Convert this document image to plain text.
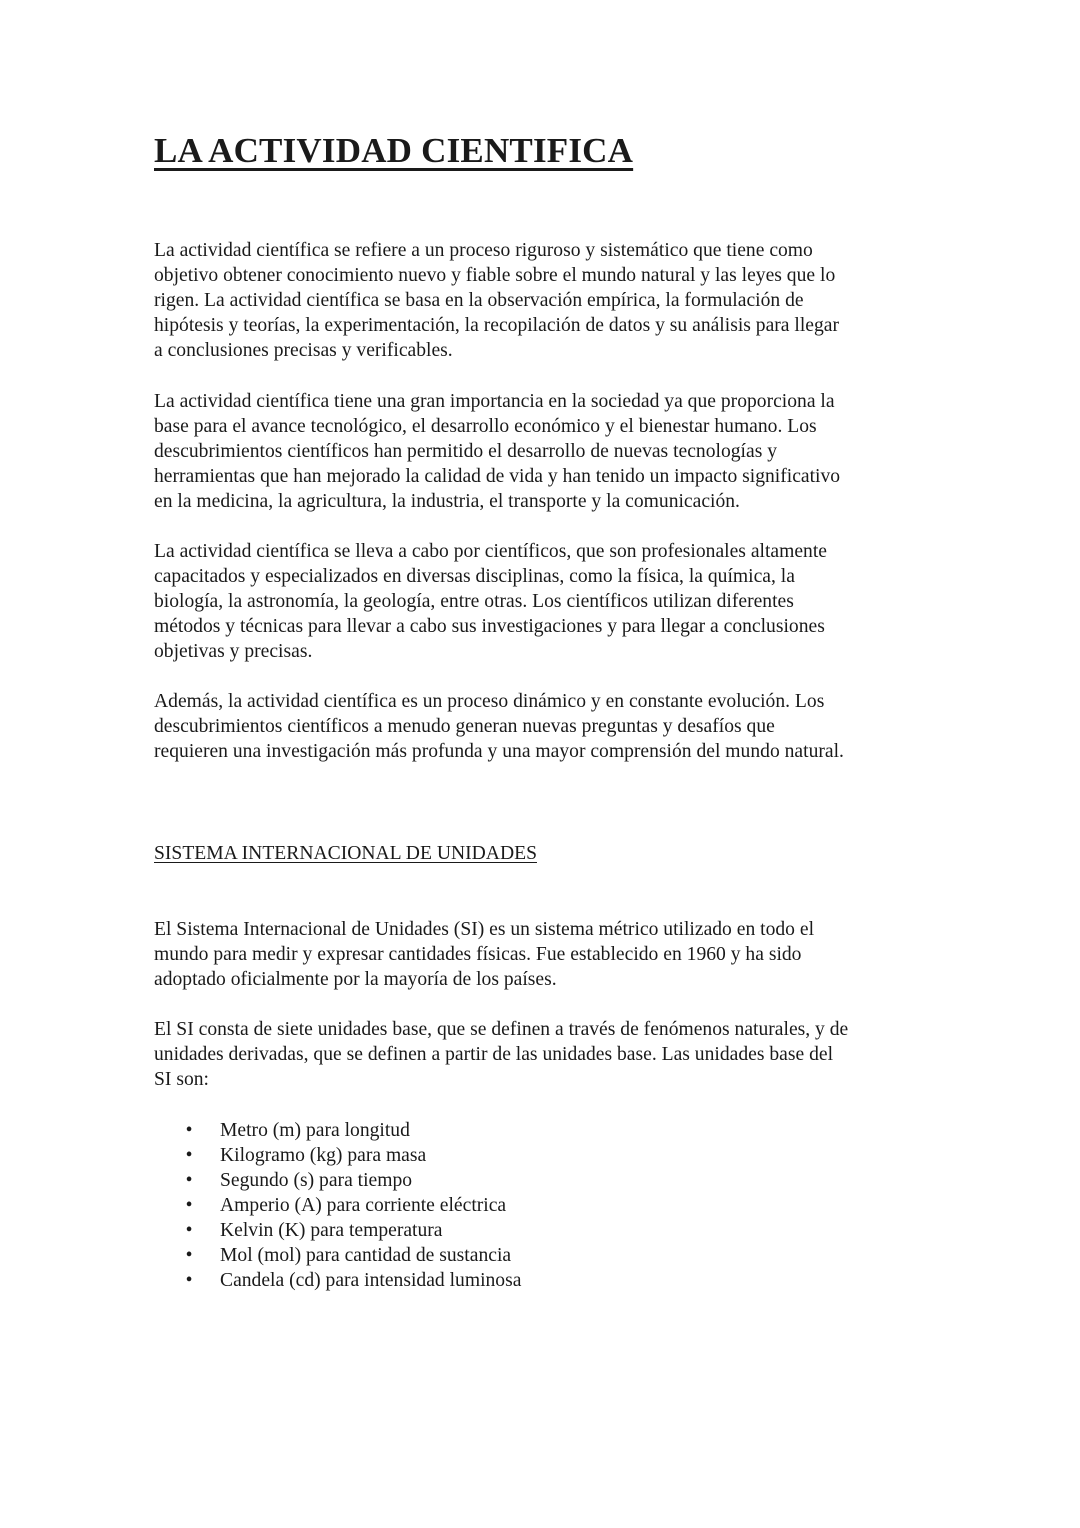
LA ACTIVIDAD CIENTIFICA

La actividad científica se refiere a un proceso riguroso y sistemático que tiene como
objetivo obtener conocimiento nuevo y fiable sobre el mundo natural y las leyes que lo
rigen. La actividad científica se basa en la observación empírica, la formulación de
hipótesis y teorías, la experimentación, la recopilación de datos y su análisis para llegar
a conclusiones precisas y verificables.

La actividad científica tiene una gran importancia en la sociedad ya que proporciona la
base para el avance tecnológico, el desarrollo económico y el bienestar humano. Los
descubrimientos científicos han permitido el desarrollo de nuevas tecnologías y
herramientas que han mejorado la calidad de vida y han tenido un impacto significativo
en la medicina, la agricultura, la industria, el transporte y la comunicación.

La actividad científica se lleva a cabo por científicos, que son profesionales altamente
capacitados y especializados en diversas disciplinas, como la física, la química, la
biología, la astronomía, la geología, entre otras. Los científicos utilizan diferentes
métodos y técnicas para llevar a cabo sus investigaciones y para llegar a conclusiones
objetivas y precisas.

Además, la actividad científica es un proceso dinámico y en constante evolución. Los
descubrimientos científicos a menudo generan nuevas preguntas y desafíos que
requieren una investigación más profunda y una mayor comprensión del mundo natural.

SISTEMA INTERNACIONAL DE UNIDADES

El Sistema Internacional de Unidades (SI) es un sistema métrico utilizado en todo el
mundo para medir y expresar cantidades físicas. Fue establecido en 1960 y ha sido
adoptado oficialmente por la mayoría de los países.

El SI consta de siete unidades base, que se definen a través de fenómenos naturales, y de
unidades derivadas, que se definen a partir de las unidades base. Las unidades base del
SI son:

• Metro (m) para longitud
• Kilogramo (kg) para masa
• Segundo (s) para tiempo
• Amperio (A) para corriente eléctrica
• Kelvin (K) para temperatura
• Mol (mol) para cantidad de sustancia
• Candela (cd) para intensidad luminosa
